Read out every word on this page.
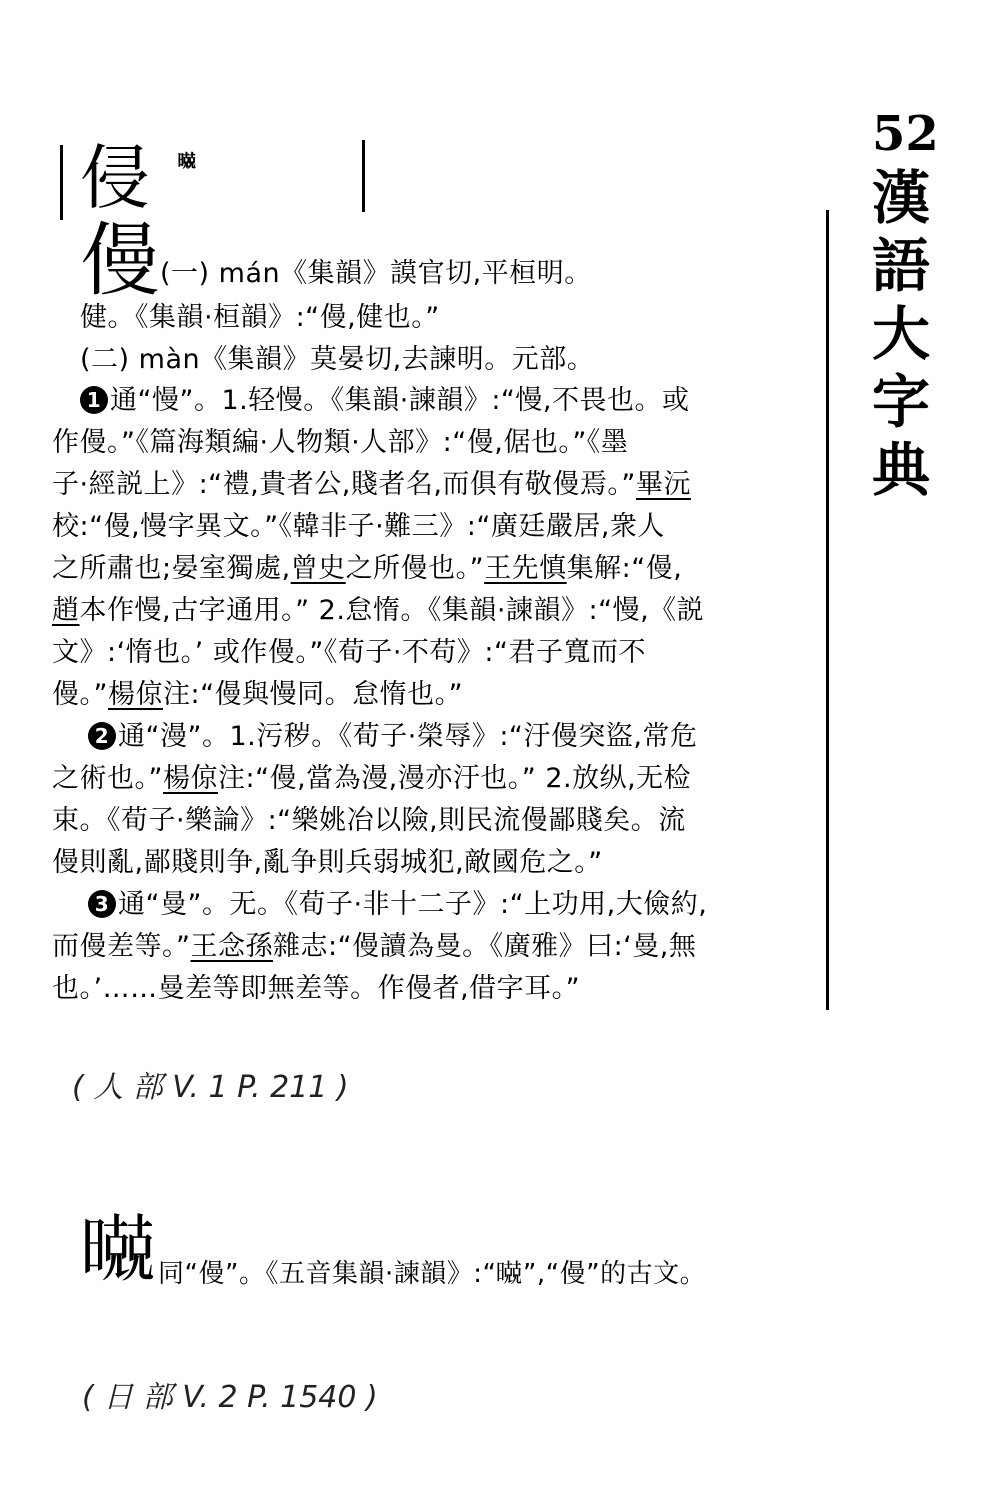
52
漢
語
大
字
典
侵 𣋢
僈 (一) mán《集韻》謨官切,平桓明。
健。《集韻·桓韻》:“僈,健也。”
(二) màn《集韻》莫晏切,去諫明。元部。
1 通“慢”。1.轻慢。《集韻·諫韻》:“慢,不畏也。或
作僈。”《篇海類編·人物類·人部》:“僈,倨也。”《墨
子·經説上》:“禮,貴者公,賤者名,而俱有敬僈焉。”畢沅
校:“僈,慢字異文。”《韓非子·難三》:“廣廷嚴居,衆人
之所肅也;晏室獨處,曾史之所僈也。”王先慎集解:“僈,
趙本作慢,古字通用。” 2.怠惰。《集韻·諫韻》:“慢,《説
文》:‘惰也。’ 或作僈。”《荀子·不苟》:“君子寬而不
僈。”楊倞注:“僈與慢同。怠惰也。”
2 通“漫”。1.污秽。《荀子·榮辱》:“汙僈突盜,常危
之術也。”楊倞注:“僈,當為漫,漫亦汙也。” 2.放纵,无检
束。《荀子·樂論》:“樂姚冶以險,則民流僈鄙賤矣。流
僈則亂,鄙賤則争,亂争則兵弱城犯,敵國危之。”
3 通“曼”。无。《荀子·非十二子》:“上功用,大儉約,
而僈差等。”王念孫雜志:“僈讀為曼。《廣雅》曰:‘曼,無
也。’……曼差等即無差等。作僈者,借字耳。”
( 人 部 V. 1 P. 211 )
𣋢 同“僈”。《五音集韻·諫韻》:“𣋢”,“僈”的古文。
( 日 部 V. 2 P. 1540 )
